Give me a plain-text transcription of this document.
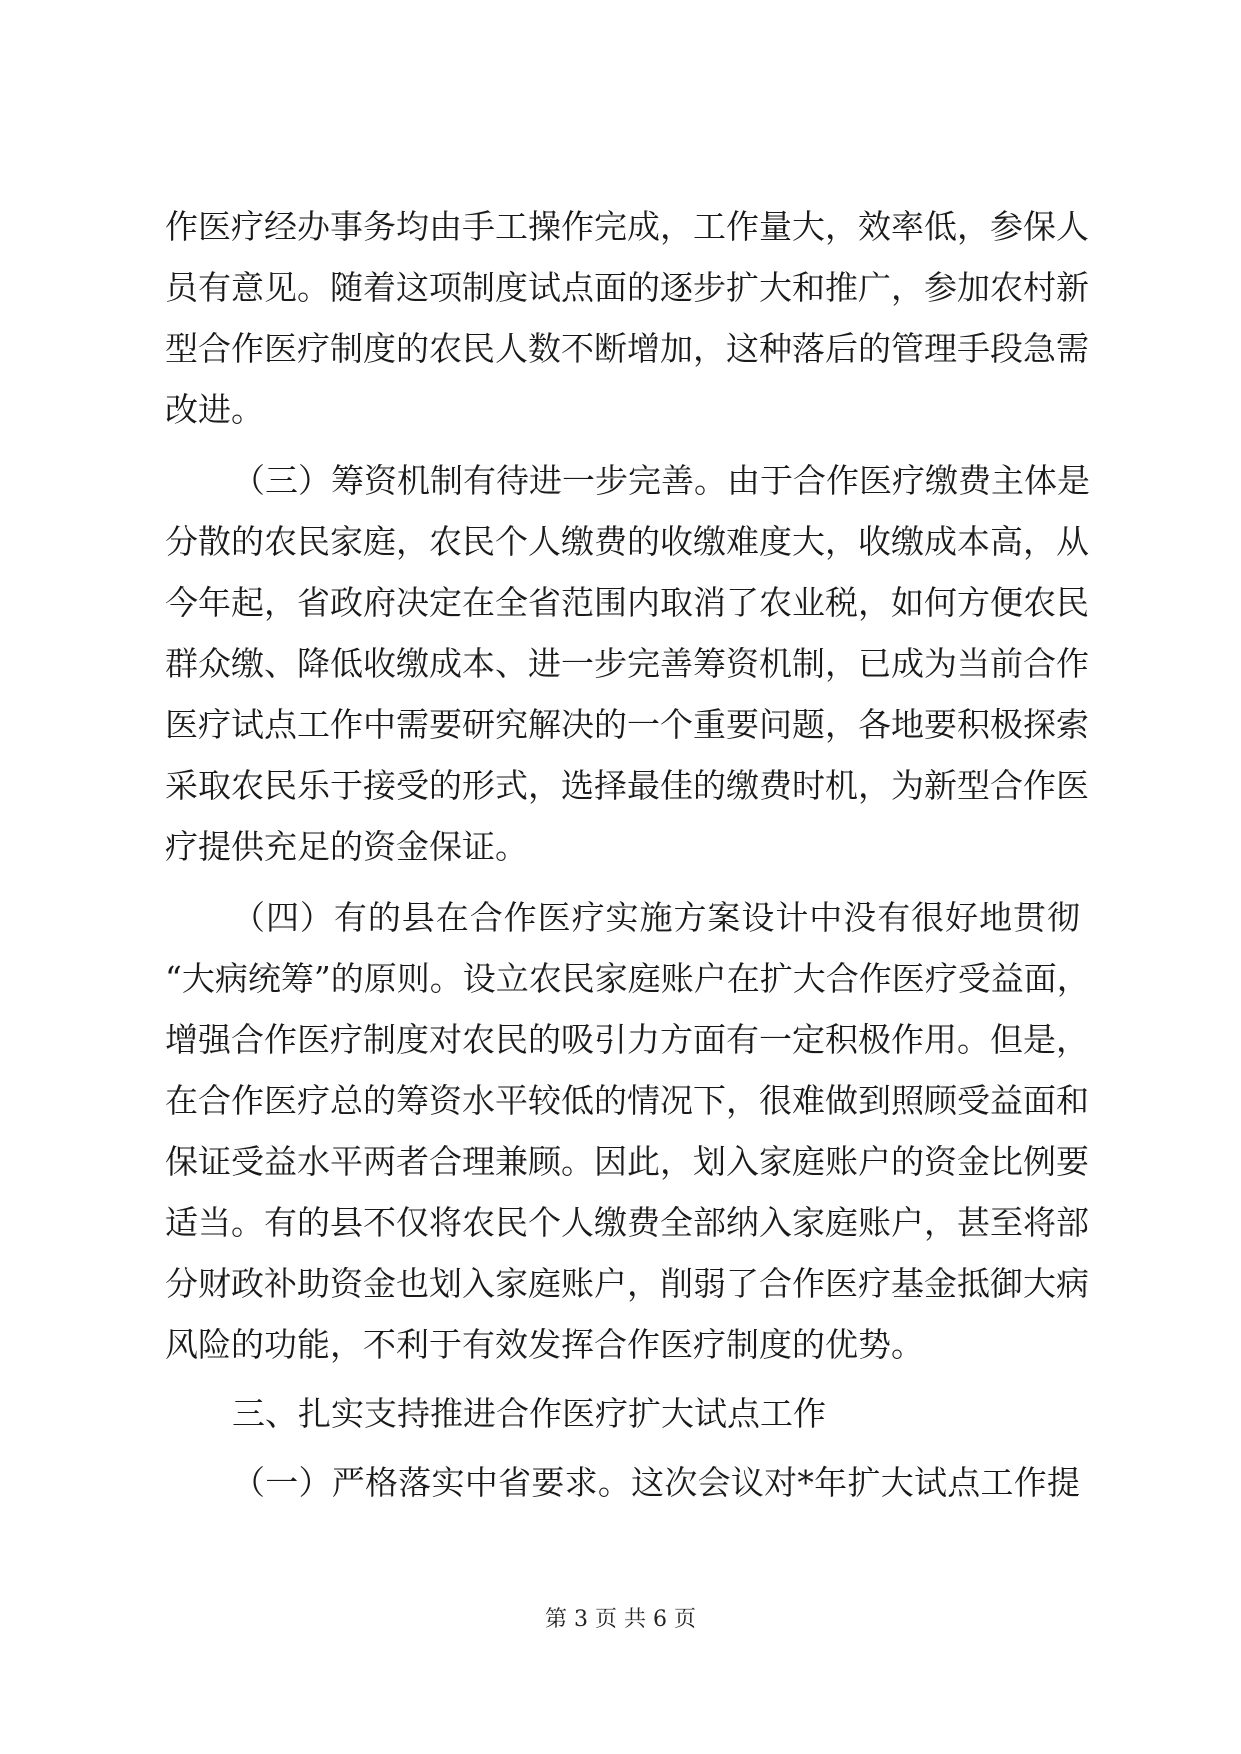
作医疗经办事务均由手工操作完成，工作量大，效率低，参保人
员有意见。随着这项制度试点面的逐步扩大和推广，参加农村新
型合作医疗制度的农民人数不断增加，这种落后的管理手段急需
改进。
（三）筹资机制有待进一步完善。由于合作医疗缴费主体是
分散的农民家庭，农民个人缴费的收缴难度大，收缴成本高，从
今年起，省政府决定在全省范围内取消了农业税，如何方便农民
群众缴、降低收缴成本、进一步完善筹资机制，已成为当前合作
医疗试点工作中需要研究解决的一个重要问题，各地要积极探索
采取农民乐于接受的形式，选择最佳的缴费时机，为新型合作医
疗提供充足的资金保证。
（四）有的县在合作医疗实施方案设计中没有很好地贯彻
“大病统筹”的原则。设立农民家庭账户在扩大合作医疗受益面，
增强合作医疗制度对农民的吸引力方面有一定积极作用。但是，
在合作医疗总的筹资水平较低的情况下，很难做到照顾受益面和
保证受益水平两者合理兼顾。因此，划入家庭账户的资金比例要
适当。有的县不仅将农民个人缴费全部纳入家庭账户，甚至将部
分财政补助资金也划入家庭账户，削弱了合作医疗基金抵御大病
风险的功能，不利于有效发挥合作医疗制度的优势。
三、扎实支持推进合作医疗扩大试点工作
（一）严格落实中省要求。这次会议对*年扩大试点工作提
第 3 页 共 6 页
